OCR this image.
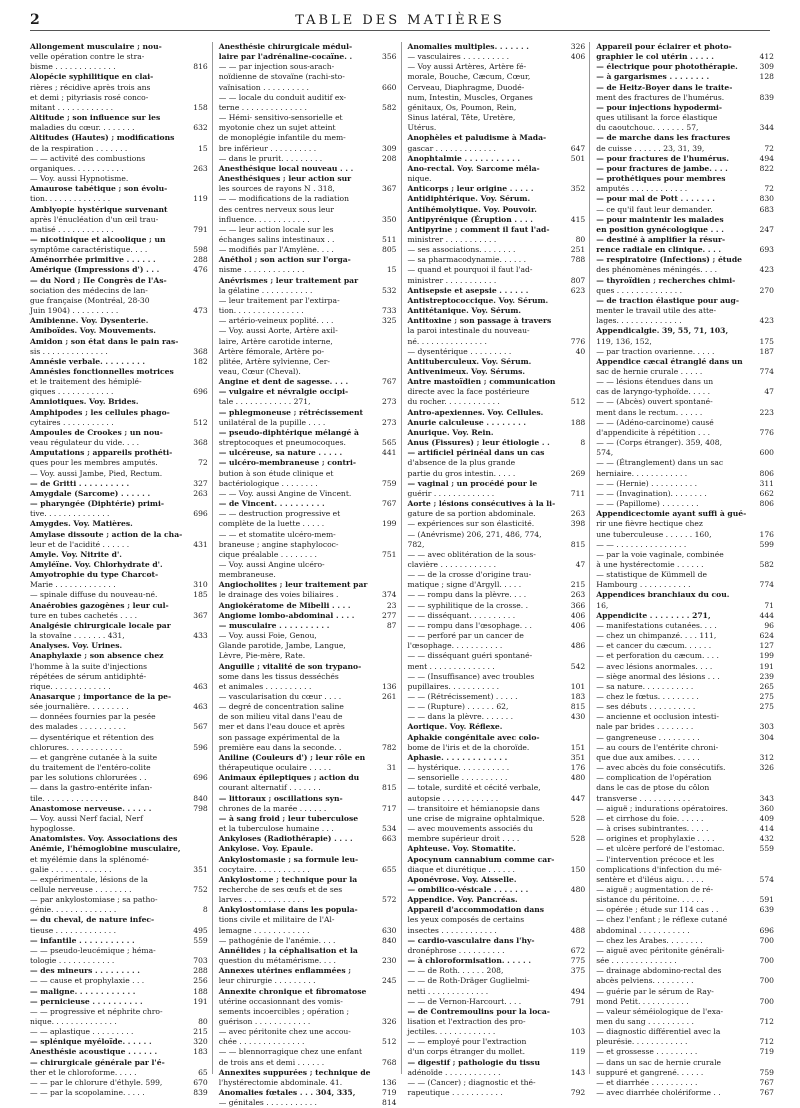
2	TABLE DES MATIÈRES
Allongement musculaire ; nou-
velle opération contre le stra-
bisme . . . . . . . . . . . . .	816
Alopécie syphilitique en clai-
rières ; récidive après trois ans
et demi ; pityriasis rosé conco-
mitant . . . . . . . . . . . .	158
Altitude ; son influence sur les
maladies du cœur. . . . . . . .	632
Altitudes (Hautes) ; modifications
de la respiration . . . . . . .	15
— — activité des combustions
organiques. . . . . . . . . . .	263
— Voy. aussi Hypnotisme.
Amaurose tabétique ; son évolu-
tion. . . . . . . . . . . . . .	119
Amblyopie hystérique survenant
après l'énucléation d'un œil trau-
matisé . . . . . . . . . . . .	791
— nicotinique et alcoolique ; un
symptôme caractéristique. . . .	598
Aménorrhée primitive . . . . . .	288
Amérique (Impressions d') . . .	476
— du Nord ; IIe Congrès de l'As-
sociation des médecins de lan-
gue française (Montréal, 28-30
Juin 1904) . . . . . . . . . .	473
Amibienne. Voy. Dysenterie.
Amiboïdes. Voy. Mouvements.
Amidon ; son état dans le pain ras-
sis . . . . . . . . . . . . . .	368
Amnésie verbale. . . . . . . . .	182
Amnésies fonctionnelles motrices
et le traitement des hémiplé-
giques . . . . . . . . . . . .	696
Amniotiques. Voy. Brides.
Amphipodes ; les cellules phago-
cytaires . . . . . . . . . . .	512
Ampoules de Crookes ; un nou-
veau régulateur du vide. . . .	368
Amputations ; appareils prothéti-
ques pour les membres amputés.	72
— Voy. aussi Jambe, Pied, Rectum.
— de Gritti . . . . . . . . . .	327
Amygdale (Sarcome) . . . . . .	263
— pharyngée (Diphtérie) primi-
tive. . . . . . . . . . . . . .	696
Amygdes. Voy. Matières.
Amylase dissoute ; action de la cha-
leur et de l'acidité . . . . . .	431
Amyle. Voy. Nitrite d'.
Amyléïne. Voy. Chlorhydrate d'.
Amyotrophie du type Charcot-
Marie . . . . . . . . . . . . .	310
— spinale diffuse du nouveau-né.	185
Anaérobies gazogènes ; leur cul-
ture en tubes cachetés . . . .	367
Analgésie chirurgicale locale par
la stovaïne . . . . . . . 431,	433
Analyses. Voy. Urines.
Anaphylaxie ; son absence chez
l'homme à la suite d'injections
répétées de sérum antidiphté-
rique. . . . . . . . . . . . .	463
Anasarque ; importance de la pe-
sée journalière. . . . . . . . .	463
— données fournies par la pesée
des malades . . . . . . . . . .	567
— dysentérique et rétention des
chlorures. . . . . . . . . . . .	596
— et gangrène cutanée à la suite
du traitement de l'entéro-colite
par les solutions chlorurées . .	696
— dans la gastro-entérite infan-
tile. . . . . . . . . . . . . .	840
Anastomose nerveuse. . . . . .	798
— Voy. aussi Nerf facial, Nerf
hypoglosse.
Anatomistes. Voy. Associations des
Anémie, l'hémoglobine musculaire,
et myélémie dans la splénomé-
galie . . . . . . . . . . . . .	351
— expérimentale, lésions de la
cellule nerveuse . . . . . . . .	752
— par ankylostomiase ; sa patho-
génie. . . . . . . . . . . . . .	8
— du cheval, de nature infec-
tieuse . . . . . . . . . . . . .	495
— infantile . . . . . . . . . . .	559
— — pseudo-leucémique ; héma-
tologie . . . . . . . . . . . .	703
— des mineurs . . . . . . . . .	288
— — cause et prophylaxie . . .	256
— maligne. . . . . . . . . . . .	188
— pernicieuse . . . . . . . . . .	191
— — progressive et néphrite chro-
nique. . . . . . . . . . . . . .	80
— — aplastique . . . . . . . . .	215
— splénique myéloïde. . . . . .	320
Anesthésie acoustique . . . . . .	183
— chirurgicale générale par l'é-
ther et le chloroforme. . . . .	65
— — par le chlorure d'éthyle. 599,	670
— — par la scopolamine. . . . .	839
Anesthésie chirurgicale médul-
laire par l'adrénaline-cocaïne. .	356
— — par injection sous-arach-
noïdienne de stovaïne (rachi-sto-
vaïnisation . . . . . . . . . .	660
— — locale du conduit auditif ex-
terne . . . . . . . . . . . . . .	582
— Hémi- sensitivo-sensorielle et
myotonie chez un sujet atteint
de monoplégie infantile du mem-
bre inférieur . . . . . . . . . .	309
— dans le prurit. . . . . . . . .	208
Anesthésique local nouveau . . .
Anesthésiques ; leur action sur
les sources de rayons N . 318,	367
— — modifications de la radiation
des centres nerveux sous leur
influence. . . . . . . . . . . .	350
— — leur action locale sur les
échanges salins intestinaux . .	511
— modifiés par l'Amylène. . . .	805
Anéthol ; son action sur l'orga-
nisme . . . . . . . . . . . . .	15
Anévrismes ; leur traitement par
la gélatine . . . . . . . . . . .	532
— leur traitement par l'extirpa-
tion. . . . . . . . . . . . . . .	733
— artério-veineux poplité. . . .	325
— Voy. aussi Aorte, Artère axil-
laire, Artère carotide interne,
Artère fémorale, Artère po-
plitée, Artère sylvienne, Cer-
veau, Cœur (Cheval).
Angine et dent de sagesse. . . .	767
— vulgaire et névralgie occipi-
tale . . . . . . . . . . . . 271,	273
— phlegmoneuse ; rétrécissement
unilatéral de la pupille . . . .	273
— pseudo-diphtérique mélangé à
streptocoques et pneumocoques.	565
— ulcéreuse, sa nature . . . . .	441
— ulcéro-membraneuse ; contri-
bution à son étude clinique et
bactériologique . . . . . . . .	759
— — Voy. aussi Angine de Vincent.
— de Vincent. . . . . . . . . .	767
— — destruction progressive et
complète de la luette . . . . .	199
— — et stomatite ulcéro-mem-
braneuse ; angine staphylococ-
cique préalable . . . . . . . .	751
— Voy. aussi Angine ulcéro-
membraneuse.
Angiocholites ; leur traitement par
le drainage des voies biliaires .	374
Angiokératome de Mibelli . . . .	23
Angiome lombo-abdominal . . . .	277
— musculaire . . . . . . . . . .	87
— Voy. aussi Foie, Genou,
Glande parotide, Jambe, Langue,
Lèvre, Pie-mère, Rate.
Anguille ; vitalité de son trypano-
some dans les tissus desséchés
et animales . . . . . . . . . .	136
— vascularisation du cœur . . . .	261
— degré de concentration saline
de son milieu vital dans l'eau de
mer et dans l'eau douce et après
son passage expérimental de la
première eau dans la seconde. .	782
Aniline (Couleurs d') ; leur rôle en
thérapeutique oculaire . . . . .	31
Animaux épileptiques ; action du
courant alternatif . . . . . . .	815
— littoraux ; oscillations syn-
chrones de la marée . . . . . .	717
— à sang froid ; leur tuberculose
et la tuberculose humaine . . .	534
Ankyloses (Radiothérapie) . . . .	663
Ankylose. Voy. Epaule.
Ankylostomasie ; sa formule leu-
cocytaire. . . . . . . . . . . .	655
Ankylostome ; technique pour la
recherche de ses œufs et de ses
larves . . . . . . . . . . . . .	572
Ankylostomiase dans les popula-
tions civile et militaire de l'Al-
lemagne . . . . . . . . . . . .	630
— pathogénie de l'anémie. . . .	840
Annélides ; la céphalisation et la
question du métamérisme. . . .	230
Annexes utérines enflammées ;
leur chirurgie . . . . . . . . .	245
Annexite chronique et fibromatose
utérine occasionnant des vomis-
sements incoercibles ; opération ;
guérison . . . . . . . . . . . .	326
— avec péritonite chez une accou-
chée . . . . . . . . . . . . . .	512
— — blennorragique chez une enfant
de trois ans et demi . . . . . .	768
Annexites suppurées ; technique de
l'hystérectomie abdominale. 41.	136
Anomalies fœtales . . . 304, 335,	719
— génitales . . . . . . . . . . .	814
Anomalies multiples. . . . . . .	326
— vasculaires . . . . . . . . . .	406
— Voy aussi Artères, Artère fé-
morale, Bouche, Cæcum, Cœur,
Cerveau, Diaphragme, Duodé-
num, Intestin, Muscles, Organes
génitaux, Os, Poumon, Rein,
Sinus latéral, Tête, Uretère,
Utérus.
Anophèles et paludisme à Mada-
gascar . . . . . . . . . . . . .	647
Anophtalmie . . . . . . . . . . .	501
Ano-rectal. Voy. Sarcome méla-
nique.
Anticorps ; leur origine . . . . .	352
Antidiphtérique. Voy. Sérum.
Antihémolytique. Voy. Pouvoir.
Antipyrénique (Éruption . . . .	415
Antipyrine ; comment il faut l'ad-
ministrer . . . . . . . . . . .	80
— ses associations. . . . . . . .	251
— sa pharmacodynamie. . . . . .	788
— quand et pourquoi il faut l'ad-
ministrer . . . . . . . . . . .	807
Antisepsie et asepsie . . . . . .	623
Antistreptococcique. Voy. Sérum.
Antitétanique. Voy. Sérum.
Antitoxine ; son passage à travers
la paroi intestinale du nouveau-
né. . . . . . . . . . . . . . .	776
— dysentérique . . . . . . . . .	40
Antituberculeux. Voy. Sérum.
Antivenimeux. Voy. Sérums.
Antre mastoïdien ; communication
directe avec la face postérieure
du rocher. . . . . . . . . . . .	512
Antro-apexiennes. Voy. Cellules.
Anurie calculeuse . . . . . . . .	188
Anurique. Voy. Rein.
Anus (Fissures) ; leur étiologie . .	8
— artificiel périnéal dans un cas
d'absence de la plus grande
partie du gros intestin. . . . .	269
— vaginal ; un procédé pour le
guérir . . . . . . . . . . . . .	711
Aorte ; lésions consécutives à la li-
gature de sa portion abdominale.	263
— expériences sur son élasticité.	398
— (Anévrisme) 206, 271, 486, 774,
782,	815
— — avec oblitération de la sous-
clavière . . . . . . . . . . . .	47
— — de la crosse d'origine trau-
matique ; signe d'Argyll. . . . .	215
— — rompu dans la plèvre. . . .	263
— — syphilitique de la crosse. .	366
— — disséquant. . . . . . . . . .	406
— — rompu dans l'œsophage. . .	406
— — perforé par un cancer de
l'œsophage. . . . . . . . . . .	486
— — disséquant guéri spontané-
ment . . . . . . . . . . . . . .	542
— — (Insuffisance) avec troubles
pupillaires. . . . . . . . . . .	101
— — (Rétrécissement) . . . . .	183
— — (Rupture) . . . . . . 62,	815
— — dans la plèvre. . . . . . .	430
Aortique. Voy. Réflexe.
Aphakie congénitale avec colo-
bome de l'iris et de la choroïde.	151
Aphasie. . . . . . . . . . . . .	351
— hystérique. . . . . . . . . . .	176
— sensorielle . . . . . . . . . .	480
— totale, surdité et cécité verbale,
autopsie . . . . . . . . . . . .	447
— transitoire et hémianopsie dans
une crise de migraine ophtalmique.	528
— avec mouvements associés du
membre supérieur droit . . . .	528
Aphteuse. Voy. Stomatite.
Apocynum cannabium comme car-
diaque et diurétique . . . . . .	150
Aponévrose. Voy. Aisselle.
— ombilico-vésicale . . . . . . .	480
Appendice. Voy. Pancréas.
Appareil d'accommodation dans
les yeux composés de certains
insectes . . . . . . . . . . . .	488
— cardio-vasculaire dans l'hy-
dronéphrose . . . . . . . . . .	672
— à chloroformisation. . . . . .	775
— — de Roth. . . . . . 208,	375
— — de Roth-Dräger Guglielmi-
netti . . . . . . . . . . . . .	494
— — de Vernon-Harcourt. . . .	791
— de Contremoulins pour la loca-
lisation et l'extraction des pro-
jectiles. . . . . . . . . . . . .	103
— — employé pour l'extraction
d'un corps étranger du mollet.	119
— digestif ; pathologie du tissu
adénoïde . . . . . . . . . . . .	143
— — (Cancer) ; diagnostic et thé-
rapeutique . . . . . . . . . . .	792
Appareil pour éclairer et photo-
graphier le col utérin . . . . .	412
— électrique pour photothérapie.	309
— à gargarismes . . . . . . . .	128
— de Heitz-Boyer dans le traite-
ment des fractures de l'humérus.	839
— pour injections hypodermi-
ques utilisant la force élastique
du caoutchouc. . . . . . . 57,	344
— de marche dans les fractures
de cuisse . . . . . . 23, 31, 39,	72
— pour fractures de l'humérus.	494
— pour fractures de jambe. . . .	822
— prothétiques pour membres
amputés . . . . . . . . . . . .	72
— pour mal de Pott . . . . . . .	830
— ce qu'il faut leur demander.	683
— pour maintenir les malades
en position gynécologique . . .	247
— destiné à amplifier la résur-
rence radiale en clinique. . . .	693
— respiratoire (Infections) ; étude
des phénomènes méningés. . . .	423
— thyroïdien ; recherches chimi-
ques . . . . . . . . . . . . . .	270
— de traction élastique pour aug-
menter le travail utile des atte-
lages. . . . . . . . . . . . . .	423
Appendicalgie. 39, 55, 71, 103,
119, 136, 152,	175
— par traction ovarienne. . . . .	187
Appendice cæcal étranglé dans un
sac de hernie crurale . . . . .	774
— — lésions étendues dans un
cas de laryngo-typhoïde. . . . .	47
— — (Abcès) ouvert spontané-
ment dans le rectum. . . . . .	223
— — (Adéno-carcinome) causé
d'appendicite à répétition . . .	776
— — (Corps étranger). 359, 408,
574,	600
— — (Étranglement) dans un sac
herniaire. . . . . . . . . . . .	806
— — (Hernie) . . . . . . . . . .	311
— — (Invagination). . . . . . . .	662
— — (Papillome) . . . . . . . .	806
Appendicectomie ayant suffi à gué-
rir une fièvre hectique chez
une tuberculeuse . . . . . . 160,	176
— — . . . . . . . . . . . . . . .	599
— par la voie vaginale, combinée
à une hystérectomie . . . . . .	582
— statistique de Kümmell de
Hambourg . . . . . . . . . . .	774
Appendices branchiaux du cou.
16,	71
Appendicite . . . . . . . . 271,	444
— manifestations cutanées. . . .	96
— chez un chimpanzé. . . . 111,	624
— et cancer du cæcum. . . . . .	127
— et perforation du cæcum. . . .	199
— avec lésions anormales. . . .	191
— siège anormal des lésions . . .	239
— sa nature. . . . . . . . . . .	265
— chez le fœtus. . . . . . . . .	275
— ses débuts . . . . . . . . . .	275
— ancienne et occlusion intesti-
nale par brides . . . . . . . .	303
— gangreneuse . . . . . . . . .	304
— au cours de l'entérite chroni-
que due aux amibes. . . . . .	312
— avec abcès du foie consécutifs.	326
— complication de l'opération
dans le cas de ptose du côlon
transverse . . . . . . . . . . .	343
— aiguë ; indurations opératoires.	360
— et cirrhose du foie. . . . . .	409
— à crises subintrantes. . . . .	414
— origines et prophylaxie . . . .	432
— et ulcère perforé de l'estomac.	559
— l'intervention précoce et les
complications d'infection du mé-
sentère et d'iléus aigu. . . . .	574
— aiguë ; augmentation de ré-
sistance du péritoine. . . . . .	591
— opérée ; étude sur 114 cas . .	639
— chez l'enfant ; le réflexe cutané
abdominal . . . . . . . . . . .	696
— chez les Arabes. . . . . . . .	700
— aiguë avec péritonite générali-
sée . . . . . . . . . . . . . .	700
— drainage abdomino-rectal des
abcès pelviens. . . . . . . . .	700
— guérie par le sérum de Ray-
mond Petit. . . . . . . . . . .	700
— valeur séméiologique de l'exa-
men du sang . . . . . . . . . .	712
— diagnostic différentiel avec la
pleurésie. . . . . . . . . . . .	712
— et grossesse . . . . . . . . .	719
— dans un sac de hernie crurale
suppuré et gangrené. . . . . .	759
— et diarrhée . . . . . . . . . .	767
— avec diarrhée cholériforme . .	767
